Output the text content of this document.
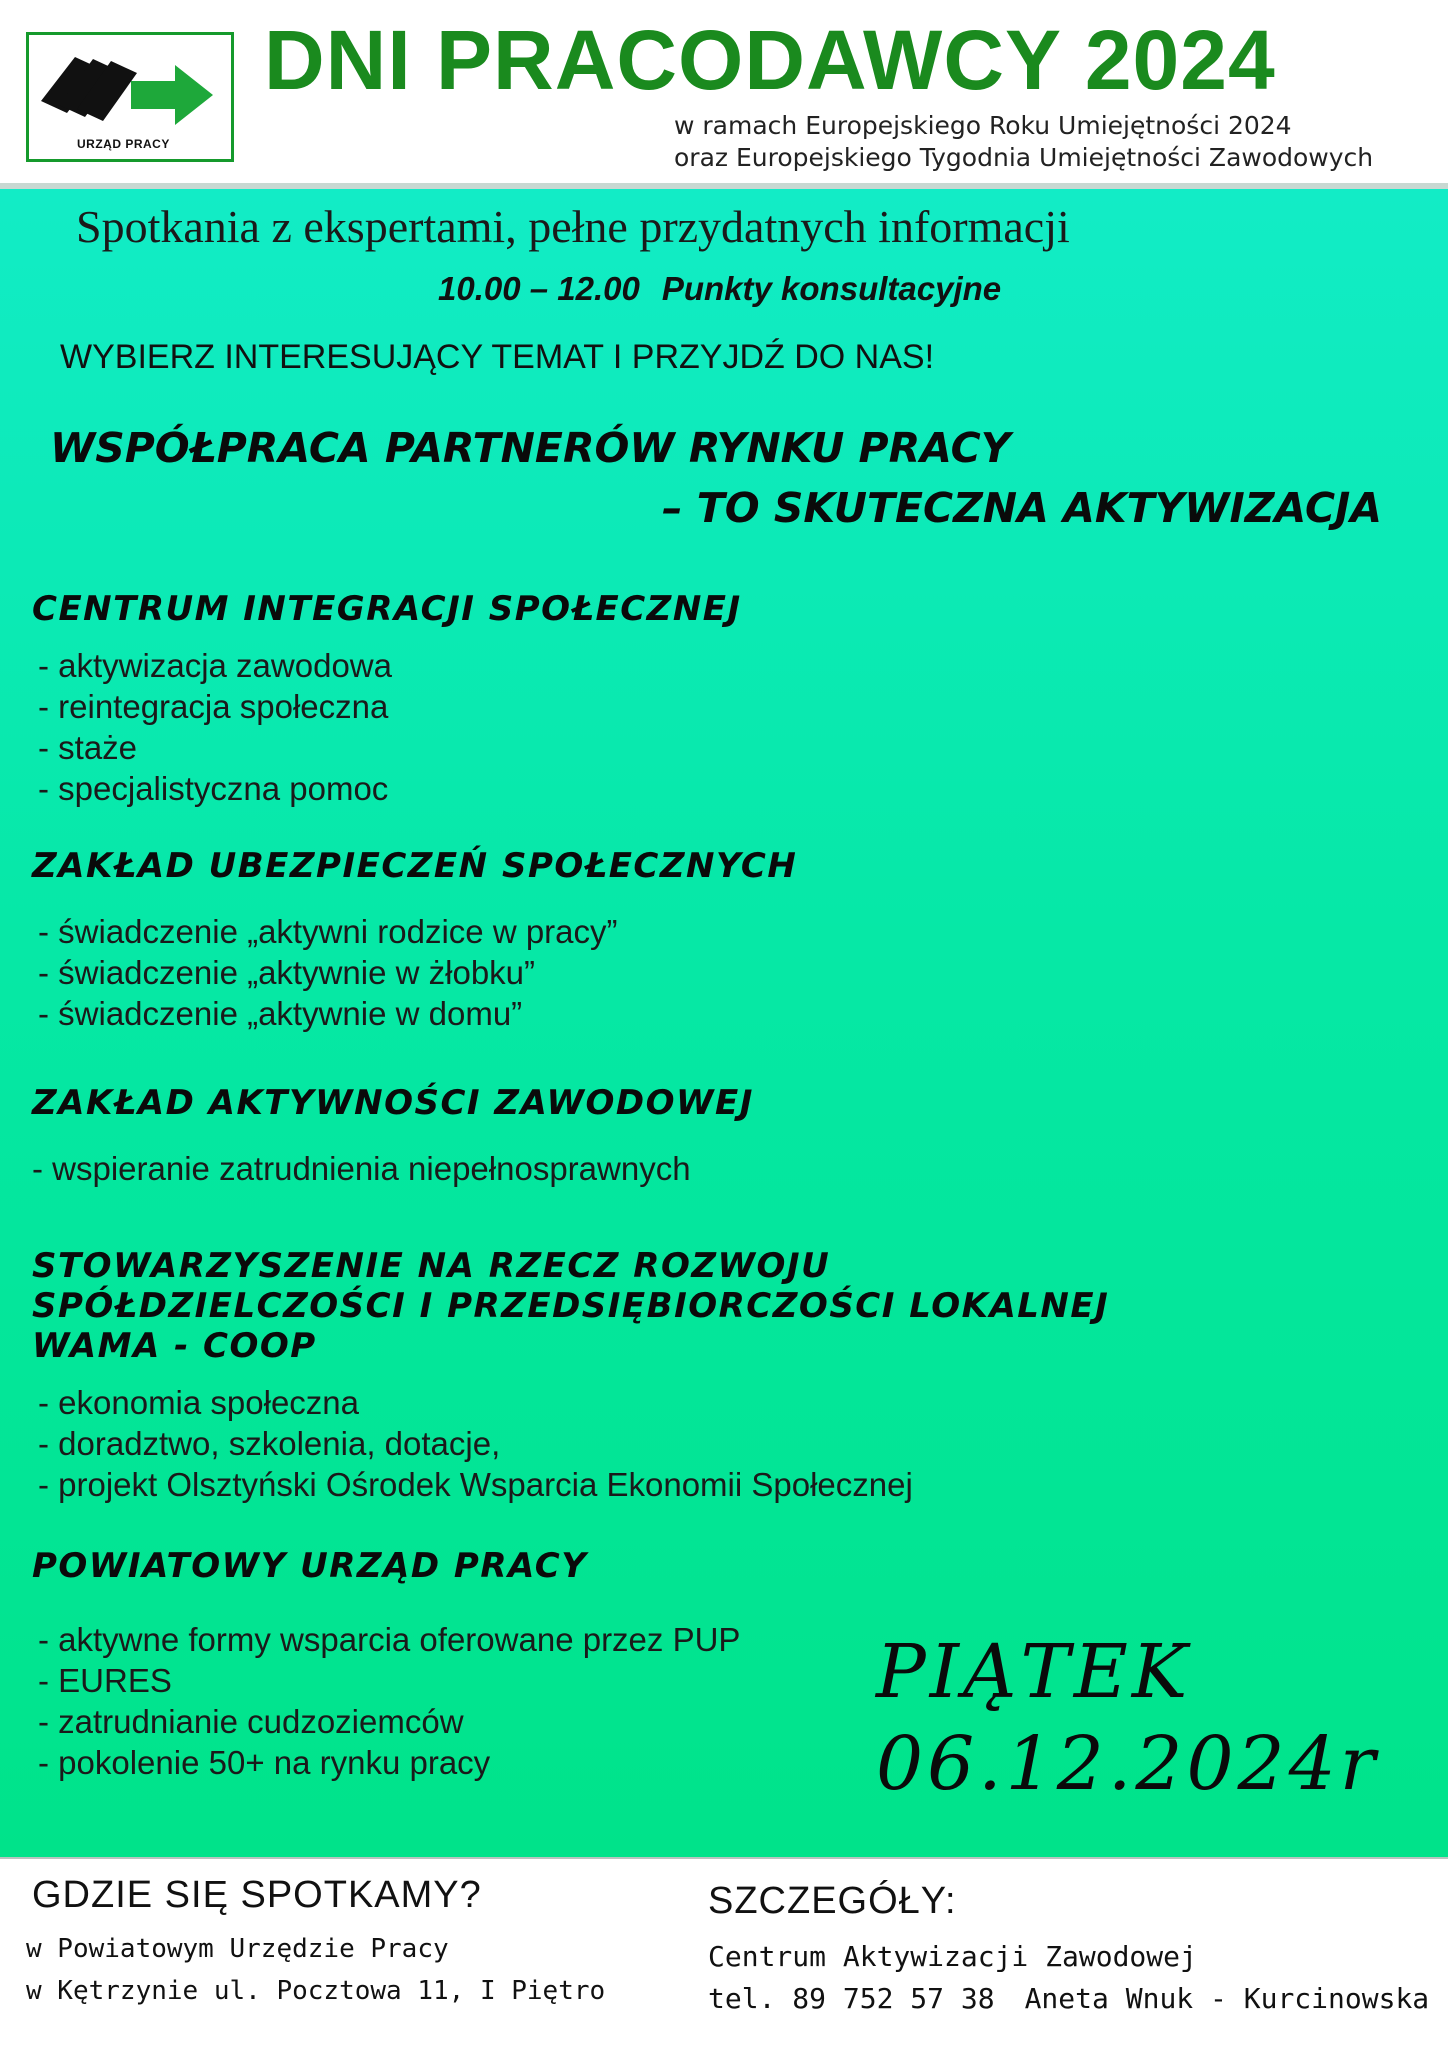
URZĄD PRACY
DNI PRACODAWCY 2024
w ramach Europejskiego Roku Umiejętności 2024
oraz Europejskiego Tygodnia Umiejętności Zawodowych
Spotkania z ekspertami, pełne przydatnych informacji
10.00 – 12.00 Punkty konsultacyjne
WYBIERZ INTERESUJĄCY TEMAT I PRZYJDŹ DO NAS!
WSPÓŁPRACA PARTNERÓW RYNKU PRACY
– TO SKUTECZNA AKTYWIZACJA
CENTRUM INTEGRACJI SPOŁECZNEJ
- aktywizacja zawodowa
- reintegracja społeczna
- staże
- specjalistyczna pomoc
ZAKŁAD UBEZPIECZEŃ SPOŁECZNYCH
- świadczenie „aktywni rodzice w pracy”
- świadczenie „aktywnie w żłobku”
- świadczenie „aktywnie w domu”
ZAKŁAD AKTYWNOŚCI ZAWODOWEJ
- wspieranie zatrudnienia niepełnosprawnych
STOWARZYSZENIE NA RZECZ ROZWOJU
SPÓŁDZIELCZOŚCI I PRZEDSIĘBIORCZOŚCI LOKALNEJ
WAMA - COOP
- ekonomia społeczna
- doradztwo, szkolenia, dotacje,
- projekt Olsztyński Ośrodek Wsparcia Ekonomii Społecznej
POWIATOWY URZĄD PRACY
- aktywne formy wsparcia oferowane przez PUP
- EURES
- zatrudnianie cudzoziemców
- pokolenie 50+ na rynku pracy
PIĄTEK
06.12.2024r
GDZIE SIĘ SPOTKAMY?
w Powiatowym Urzędzie Pracy
w Kętrzynie ul. Pocztowa 11, I Piętro
SZCZEGÓŁY:
Centrum Aktywizacji Zawodowej
tel. 89 752 57 38 Aneta Wnuk - Kurcinowska
